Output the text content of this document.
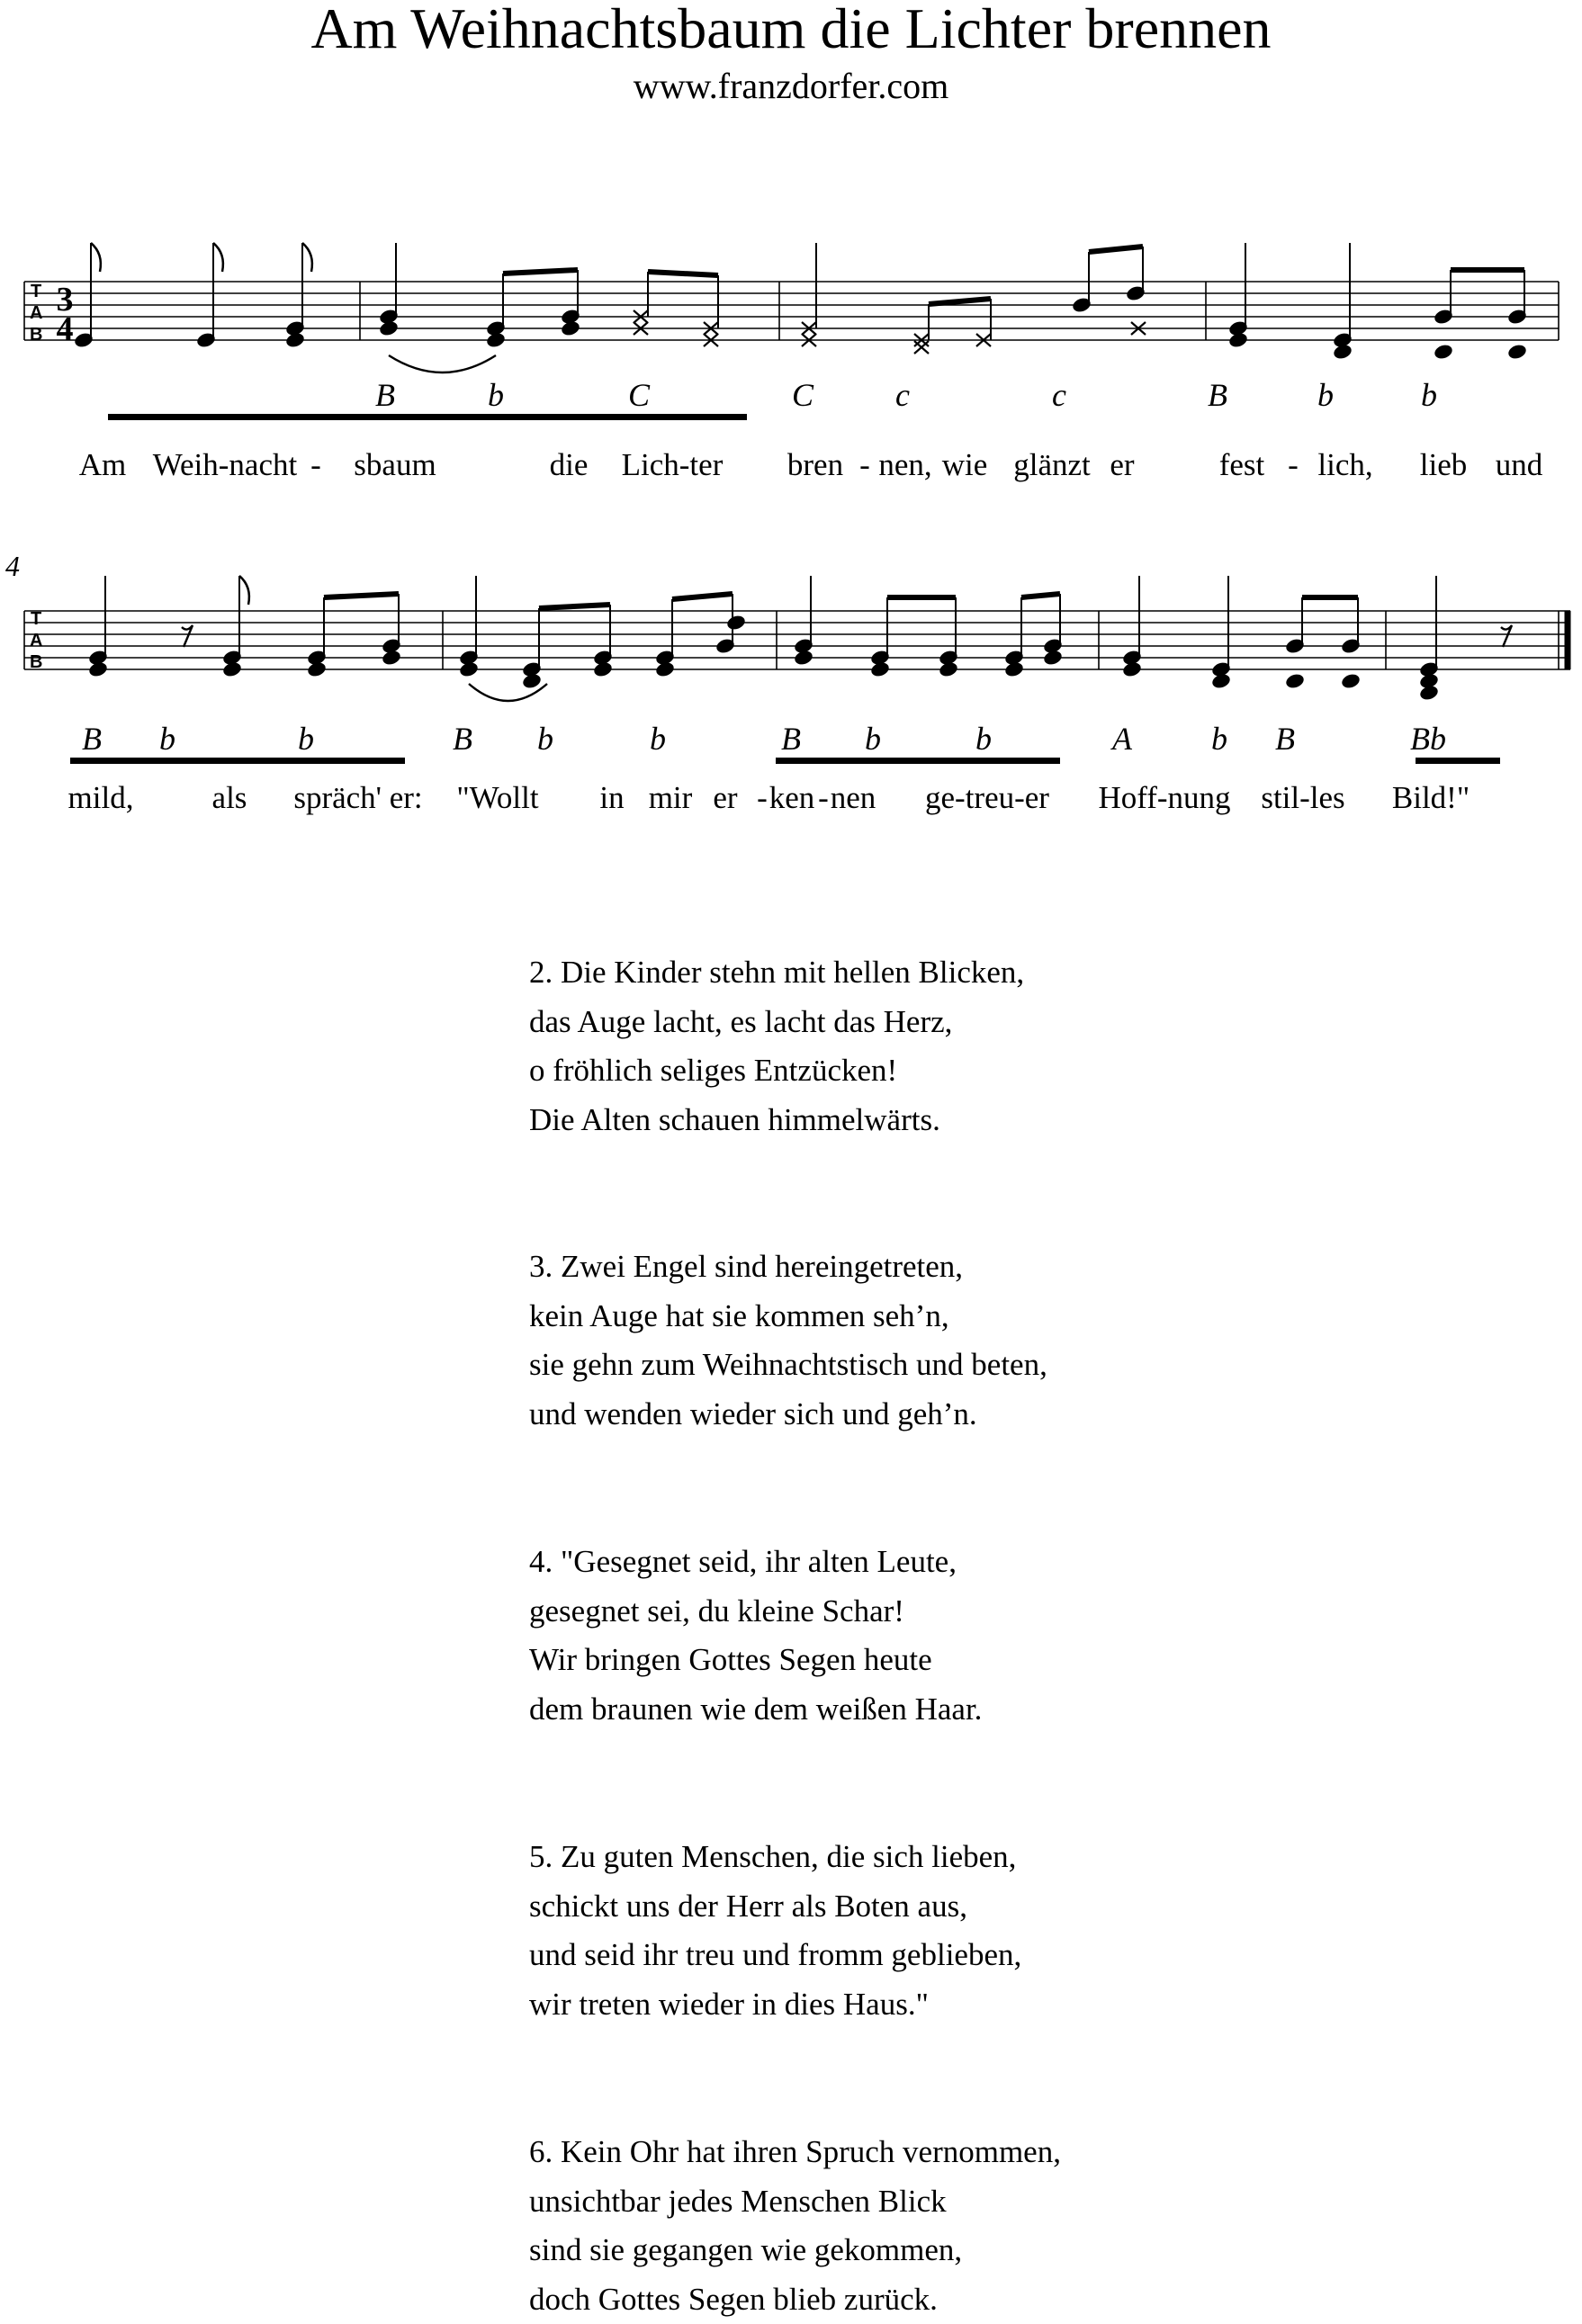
Am Weihnachtsbaum die Lichter brennen
www.franzdorfer.com
T
A
B
T
A
B
3
4
4
B	b	C	C	c	c	B	b	b
B b	b	B b	b	B b	b	A b B	Bb
Am Weih-nacht - sbaum	die Lich-ter bren - nen, wie glänzt er	fest - lich, lieb und
mild, als spräch' er: "Wollt in mir er - ken - nen ge-treu-er Hoff-nung stil-les Bild!"
2. Die Kinder stehn mit hellen Blicken,
das Auge lacht, es lacht das Herz,
o fröhlich seliges Entzücken!
Die Alten schauen himmelwärts.
3. Zwei Engel sind hereingetreten,
kein Auge hat sie kommen seh’n,
sie gehn zum Weihnachtstisch und beten,
und wenden wieder sich und geh’n.
4. "Gesegnet seid, ihr alten Leute,
gesegnet sei, du kleine Schar!
Wir bringen Gottes Segen heute
dem braunen wie dem weißen Haar.
5. Zu guten Menschen, die sich lieben,
schickt uns der Herr als Boten aus,
und seid ihr treu und fromm geblieben,
wir treten wieder in dies Haus."
6. Kein Ohr hat ihren Spruch vernommen,
unsichtbar jedes Menschen Blick
sind sie gegangen wie gekommen,
doch Gottes Segen blieb zurück.
